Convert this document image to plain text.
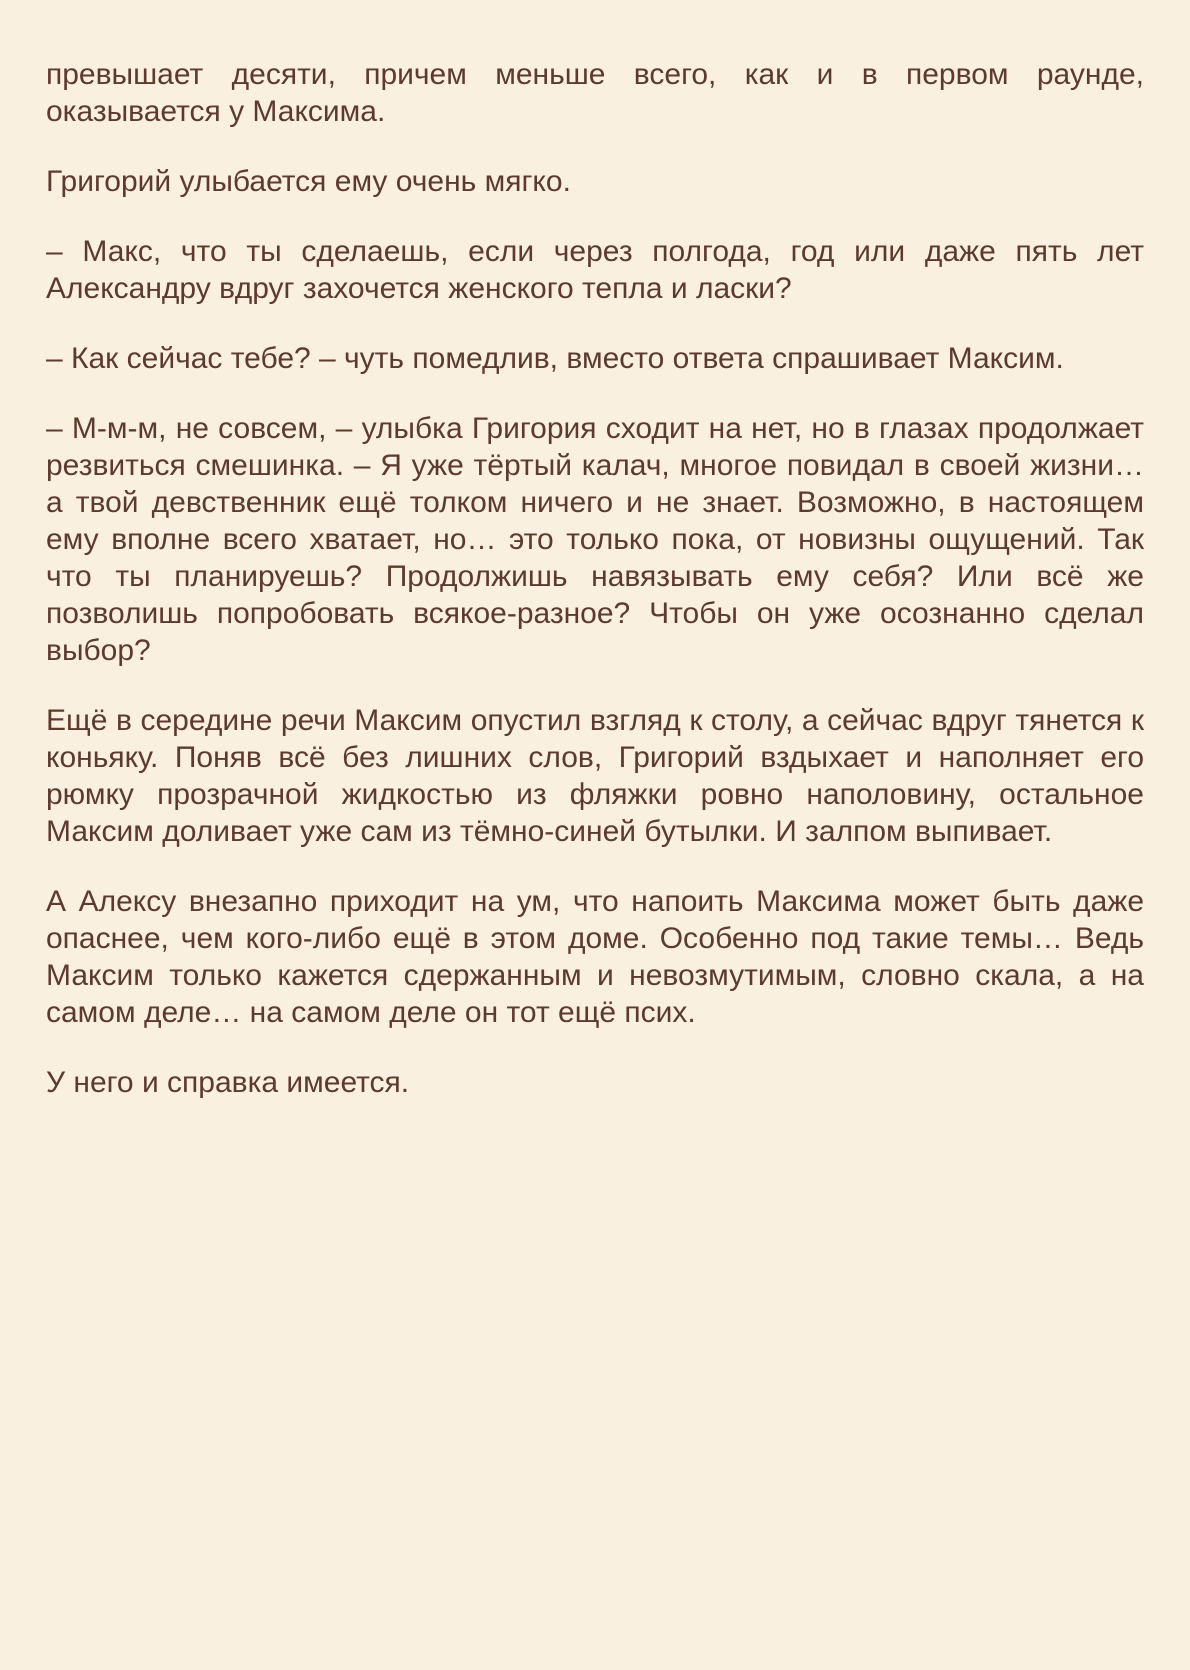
превышает десяти, причем меньше всего, как и в первом раунде, оказывается у Максима.

Григорий улыбается ему очень мягко.

– Макс, что ты сделаешь, если через полгода, год или даже пять лет Александру вдруг захочется женского тепла и ласки?

– Как сейчас тебе? – чуть помедлив, вместо ответа спрашивает Максим.

– М-м-м, не совсем, – улыбка Григория сходит на нет, но в глазах продолжает резвиться смешинка. – Я уже тёртый калач, многое повидал в своей жизни… а твой девственник ещё толком ничего и не знает. Возможно, в настоящем ему вполне всего хватает, но… это только пока, от новизны ощущений. Так что ты планируешь? Продолжишь навязывать ему себя? Или всё же позволишь попробовать всякое-разное? Чтобы он уже осознанно сделал выбор?

Ещё в середине речи Максим опустил взгляд к столу, а сейчас вдруг тянется к коньяку. Поняв всё без лишних слов, Григорий вздыхает и наполняет его рюмку прозрачной жидкостью из фляжки ровно наполовину, остальное Максим доливает уже сам из тёмно-синей бутылки. И залпом выпивает.

А Алексу внезапно приходит на ум, что напоить Максима может быть даже опаснее, чем кого-либо ещё в этом доме. Особенно под такие темы… Ведь Максим только кажется сдержанным и невозмутимым, словно скала, а на самом деле… на самом деле он тот ещё псих.

У него и справка имеется.
